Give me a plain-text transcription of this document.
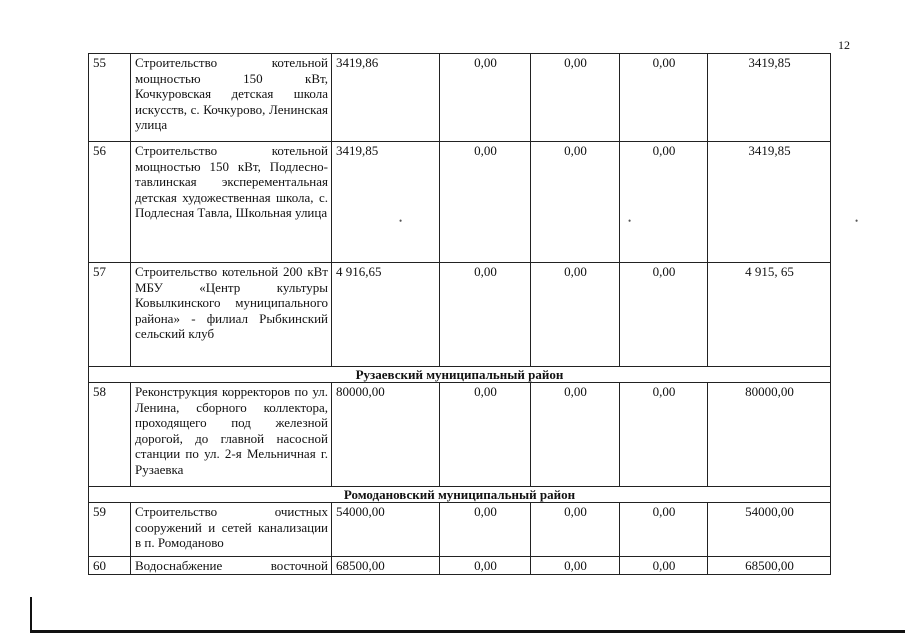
12
55	Строительство котельной мощностью 150 кВт, Кочкуровская детская школа искусств, с. Кочкурово, Ленинская улица	3419,86	0,00	0,00	0,00	3419,85
56	Строительство котельной мощностью 150 кВт, Подлесно-тавлинская эксперементальная детская художественная школа, с. Подлесная Тавла, Школьная улица	3419,85	0,00	0,00	0,00	3419,85
57	Строительство котельной 200 кВт МБУ «Центр культуры Ковылкинского муниципального района» - филиал Рыбкинский сельский клуб	4 916,65	0,00	0,00	0,00	4 915, 65
Рузаевский муниципальный район						
58	Реконструкция корректоров по ул. Ленина, сборного коллектора, проходящего под железной дорогой, до главной насосной станции по ул. 2-я Мельничная г. Рузаевка	80000,00	0,00	0,00	0,00	80000,00
Ромодановский муниципальный район						
59	Строительство очистных сооружений и сетей канализации в п. Ромоданово	54000,00	0,00	0,00	0,00	54000,00
60	Водоснабжение восточной	68500,00	0,00	0,00	0,00	68500,00
•	•	•
